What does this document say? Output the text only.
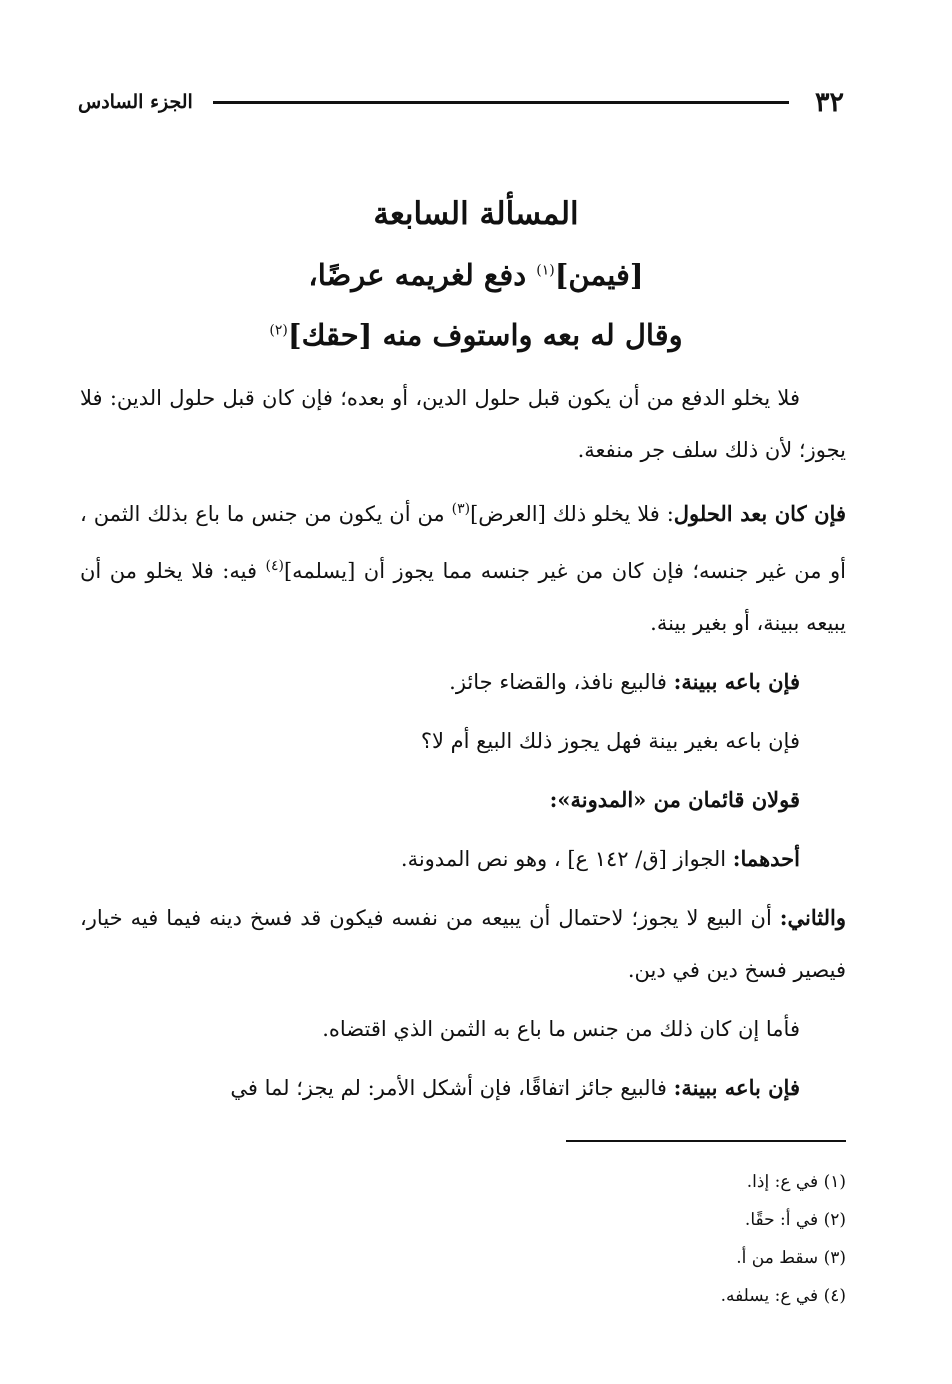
٣٢
الجزء السادس
المسألة السابعة
[فيمن]$^{(١)}$ دفع لغريمه عرضًا،
وقال له بعه واستوف منه [حقك]$^{(٢)}$

فلا يخلو الدفع من أن يكون قبل حلول الدين، أو بعده؛ فإن كان قبل حلول الدين: فلا يجوز؛ لأن ذلك سلف جر منفعة.

فإن كان بعد الحلول: فلا يخلو ذلك [العرض]$^{(٣)}$ من أن يكون من جنس ما باع بذلك الثمن ، أو من غير جنسه؛ فإن كان من غير جنسه مما يجوز أن [يسلمه]$^{(٤)}$ فيه: فلا يخلو من أن يبيعه ببينة، أو بغير بينة.

فإن باعه ببينة: فالبيع نافذ، والقضاء جائز.

فإن باعه بغير بينة فهل يجوز ذلك البيع أم لا؟

قولان قائمان من «المدونة»:

أحدهما: الجواز [ق/ ١٤٢ ع] ، وهو نص المدونة.

والثاني: أن البيع لا يجوز؛ لاحتمال أن يبيعه من نفسه فيكون قد فسخ دينه فيما فيه خيار، فيصير فسخ دين في دين.

فأما إن كان ذلك من جنس ما باع به الثمن الذي اقتضاه.

فإن باعه ببينة: فالبيع جائز اتفاقًا، فإن أشكل الأمر: لم يجز؛ لما في

(١) في ع: إذا.
(٢) في أ: حقًا.
(٣) سقط من أ.
(٤) في ع: يسلفه.
